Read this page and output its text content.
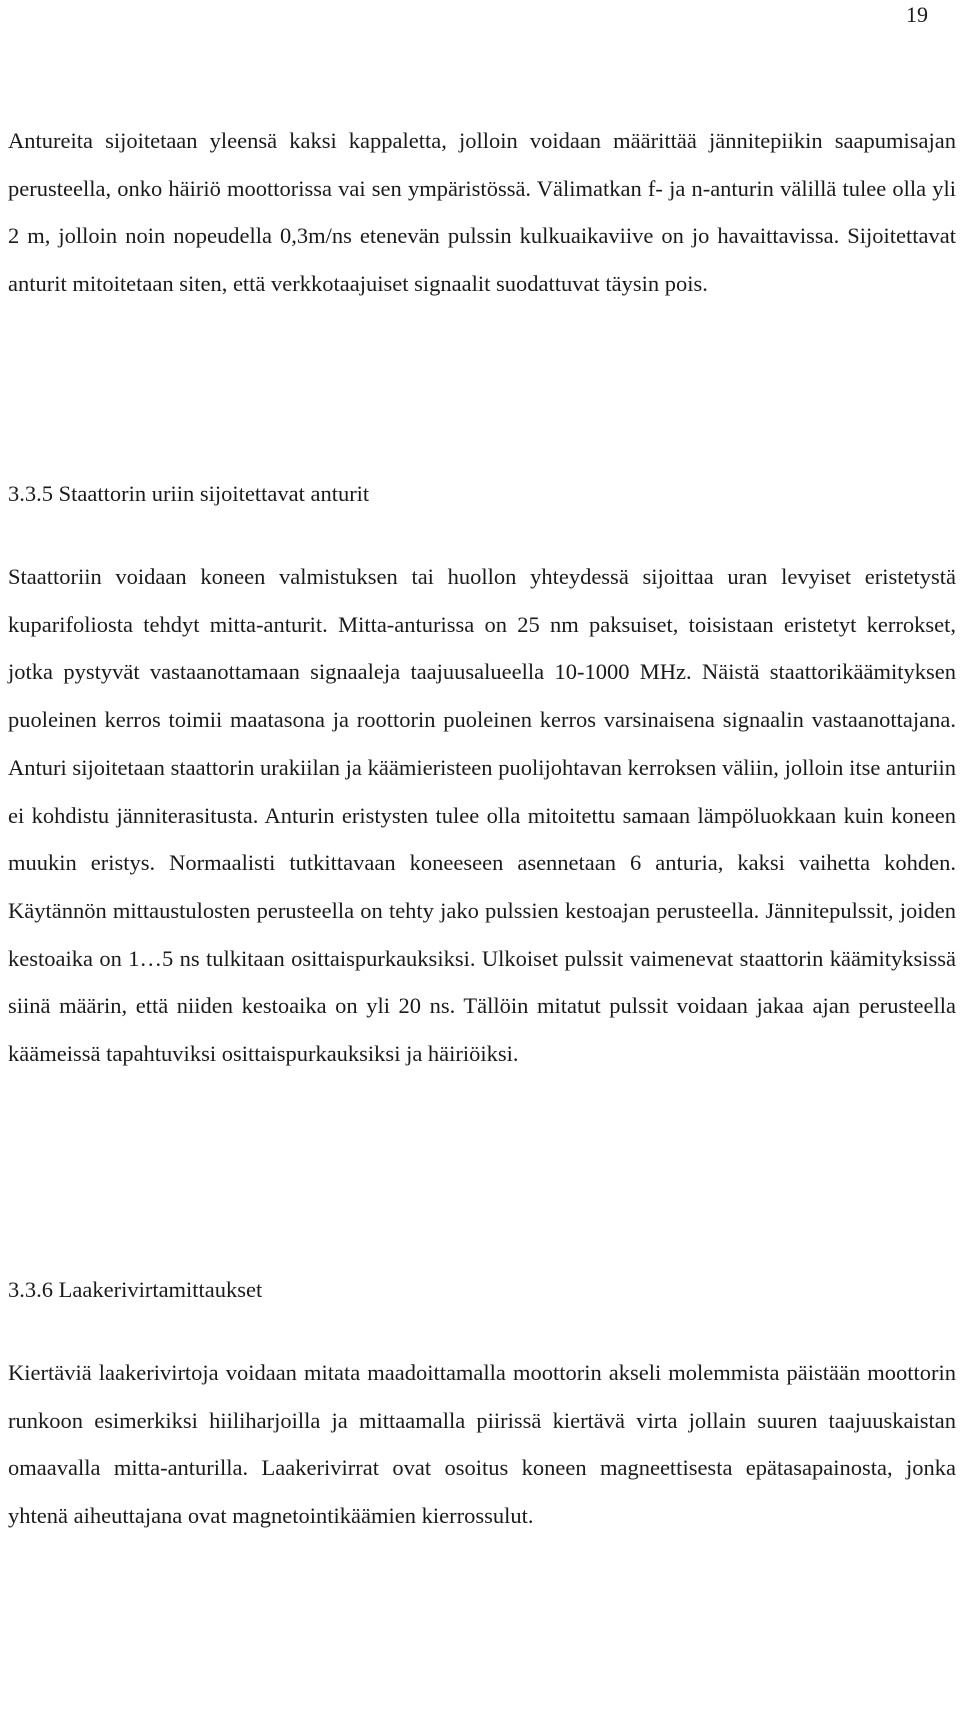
19

Antureita sijoitetaan yleensä kaksi kappaletta, jolloin voidaan määrittää jännitepiikin saapumisajan perusteella, onko häiriö moottorissa vai sen ympäristössä. Välimatkan f- ja n-anturin välillä tulee olla yli 2 m, jolloin noin nopeudella 0,3m/ns etenevän pulssin kulkuaikaviive on jo havaittavissa. Sijoitettavat anturit mitoitetaan siten, että verkkotaajuiset signaalit suodattuvat täysin pois.

3.3.5 Staattorin uriin sijoitettavat anturit

Staattoriin voidaan koneen valmistuksen tai huollon yhteydessä sijoittaa uran levyiset eristetystä kuparifoliosta tehdyt mitta-anturit. Mitta-anturissa on 25 nm paksuiset, toisistaan eristetyt kerrokset, jotka pystyvät vastaanottamaan signaaleja taajuusalueella 10-1000 MHz. Näistä staattorikäämityksen puoleinen kerros toimii maatasona ja roottorin puoleinen kerros varsinaisena signaalin vastaanottajana. Anturi sijoitetaan staattorin urakiilan ja käämieristeen puolijohtavan kerroksen väliin, jolloin itse anturiin ei kohdistu jänniterasitusta. Anturin eristysten tulee olla mitoitettu samaan lämpöluokkaan kuin koneen muukin eristys. Normaalisti tutkittavaan koneeseen asennetaan 6 anturia, kaksi vaihetta kohden. Käytännön mittaustulosten perusteella on tehty jako pulssien kestoajan perusteella. Jännitepulssit, joiden kestoaika on 1…5 ns tulkitaan osittaispurkauksiksi. Ulkoiset pulssit vaimenevat staattorin käämityksissä siinä määrin, että niiden kestoaika on yli 20 ns. Tällöin mitatut pulssit voidaan jakaa ajan perusteella käämeissä tapahtuviksi osittaispurkauksiksi ja häiriöiksi.

3.3.6 Laakerivirtamittaukset

Kiertäviä laakerivirtoja voidaan mitata maadoittamalla moottorin akseli molemmista päistään moottorin runkoon esimerkiksi hiiliharjoilla ja mittaamalla piirissä kiertävä virta jollain suuren taajuuskaistan omaavalla mitta-anturilla. Laakerivirrat ovat osoitus koneen magneettisesta epätasapainosta, jonka yhtenä aiheuttajana ovat magnetointikäämien kierrossulut.
